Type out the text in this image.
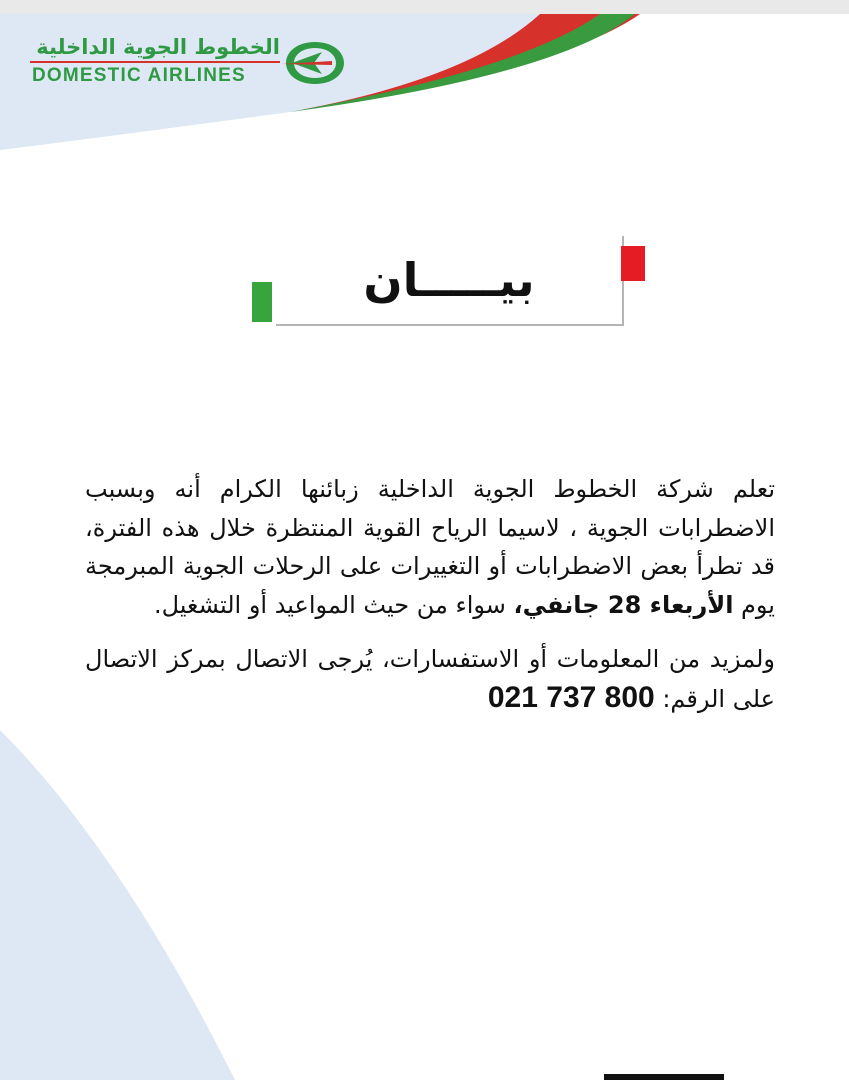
الخطوط الجوية الداخلية
DOMESTIC AIRLINES
بيـــــان

تعلم شركة الخطوط الجوية الداخلية زبائنها الكرام أنه وبسبب الاضطرابات الجوية ، لاسيما الرياح القوية المنتظرة خلال هذه الفترة، قد تطرأ بعض الاضطرابات أو التغييرات على الرحلات الجوية المبرمجة يوم الأربعاء 28 جانفي، سواء من حيث المواعيد أو التشغيل.

ولمزيد من المعلومات أو الاستفسارات، يُرجى الاتصال بمركز الاتصال على الرقم: 021 737 800
